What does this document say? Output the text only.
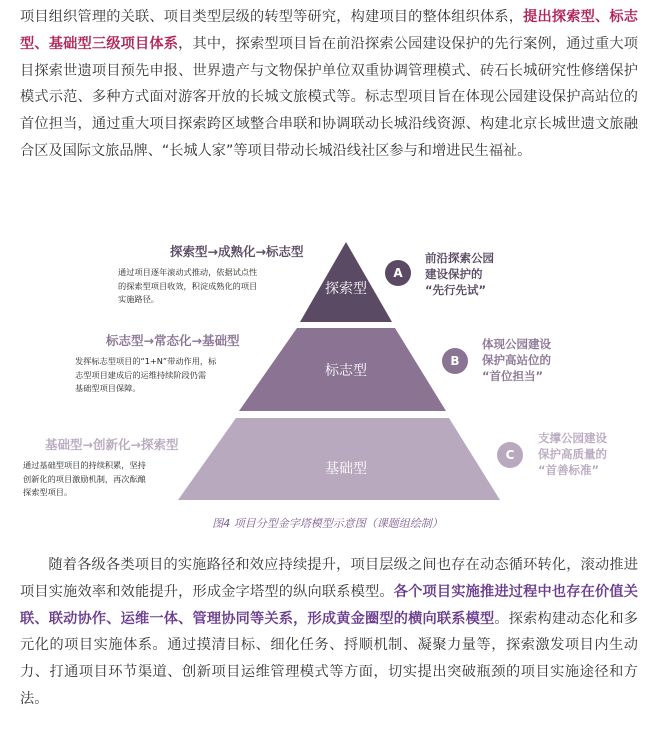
项目组织管理的关联、项目类型层级的转型等研究，构建项目的整体组织体系，提出探索型、标志型、基础型三级项目体系，其中，探索型项目旨在前沿探索公园建设保护的先行案例，通过重大项目探索世遗项目预先申报、世界遗产与文物保护单位双重协调管理模式、砖石长城研究性修缮保护模式示范、多种方式面对游客开放的长城文旅模式等。标志型项目旨在体现公园建设保护高站位的首位担当，通过重大项目探索跨区域整合串联和协调联动长城沿线资源、构建北京长城世遗文旅融合区及国际文旅品牌、“长城人家”等项目带动长城沿线社区参与和增进民生福祉。

探索型
标志型
基础型
探索型→成熟化→标志型
标志型→常态化→基础型
基础型→创新化→探索型
通过项目逐年滚动式推动，依据试点性
的探索型项目收效，积淀成熟化的项目
实施路径。
发挥标志型项目的“1+N”带动作用，标
志型项目建成后的运维持续阶段仍需
基础型项目保障。
通过基础型项目的持续积累，坚持
创新化的项目激励机制，再次酝酿
探索型项目。
A
B
C
前沿探索公园
建设保护的
“先行先试”
体现公园建设
保护高站位的
“首位担当”
支撑公园建设
保护高质量的
“首善标准”
图4 项目分型金字塔模型示意图（课题组绘制）

随着各级各类项目的实施路径和效应持续提升，项目层级之间也存在动态循环转化，滚动推进项目实施效率和效能提升，形成金字塔型的纵向联系模型。各个项目实施推进过程中也存在价值关联、联动协作、运维一体、管理协同等关系，形成黄金圈型的横向联系模型。探索构建动态化和多元化的项目实施体系。通过摸清目标、细化任务、捋顺机制、凝聚力量等，探索激发项目内生动力、打通项目环节渠道、创新项目运维管理模式等方面，切实提出突破瓶颈的项目实施途径和方法。
